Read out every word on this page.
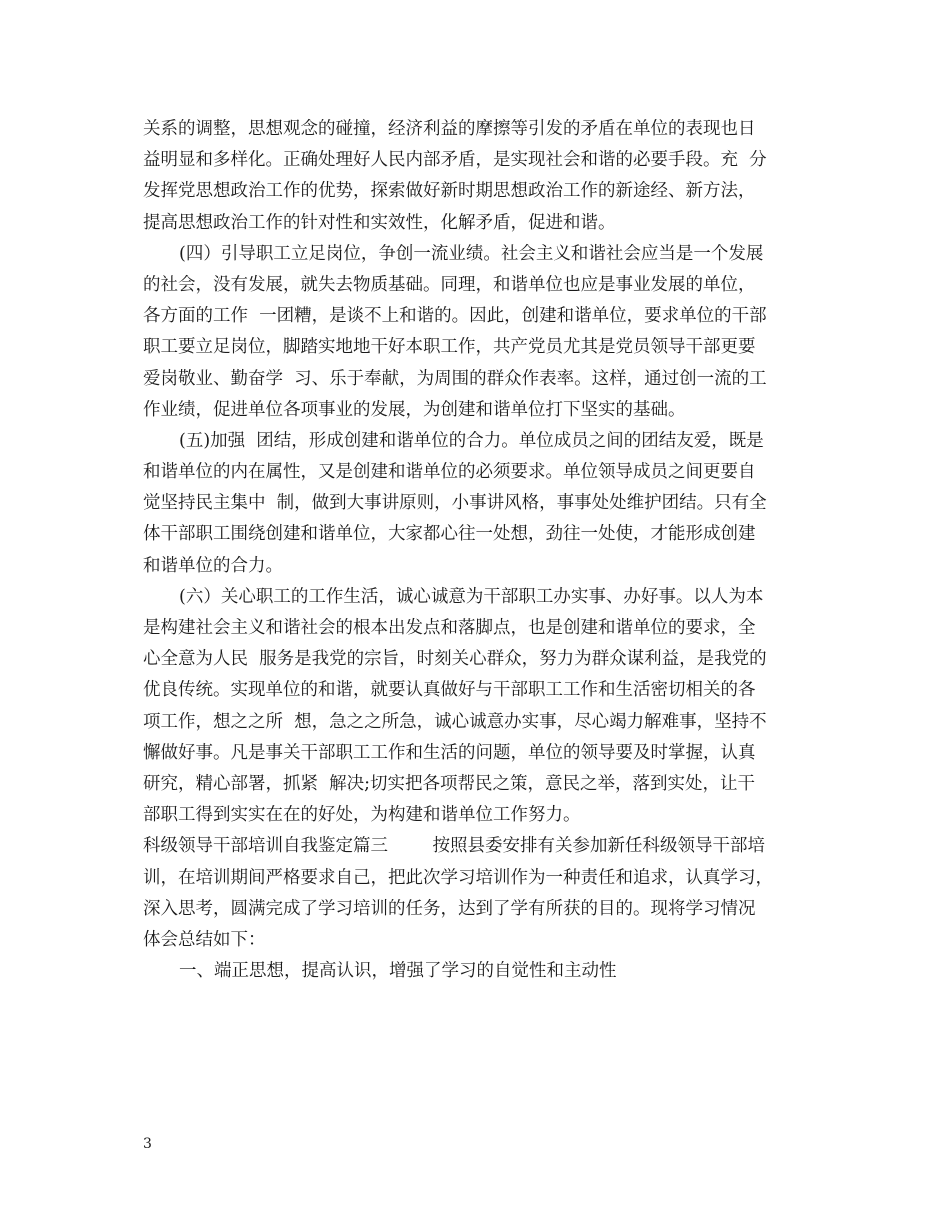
关系的调整，思想观念的碰撞，经济利益的摩擦等引发的矛盾在单位的表现也日
益明显和多样化。正确处理好人民内部矛盾，是实现社会和谐的必要手段。充  分
发挥党思想政治工作的优势，探索做好新时期思想政治工作的新途经、新方法，
提高思想政治工作的针对性和实效性，化解矛盾，促进和谐。
(四）引导职工立足岗位，争创一流业绩。社会主义和谐社会应当是一个发展
的社会，没有发展，就失去物质基础。同理，和谐单位也应是事业发展的单位，
各方面的工作  一团糟，是谈不上和谐的。因此，创建和谐单位，要求单位的干部
职工要立足岗位，脚踏实地地干好本职工作，共产党员尤其是党员领导干部更要
爱岗敬业、勤奋学  习、乐于奉献，为周围的群众作表率。这样，通过创一流的工
作业绩，促进单位各项事业的发展，为创建和谐单位打下坚实的基础。
(五)加强  团结，形成创建和谐单位的合力。单位成员之间的团结友爱，既是
和谐单位的内在属性，又是创建和谐单位的必须要求。单位领导成员之间更要自
觉坚持民主集中  制，做到大事讲原则，小事讲风格，事事处处维护团结。只有全
体干部职工围绕创建和谐单位，大家都心往一处想，劲往一处使，才能形成创建
和谐单位的合力。
(六）关心职工的工作生活，诚心诚意为干部职工办实事、办好事。以人为本
是构建社会主义和谐社会的根本出发点和落脚点，也是创建和谐单位的要求，全
心全意为人民  服务是我党的宗旨，时刻关心群众，努力为群众谋利益，是我党的
优良传统。实现单位的和谐，就要认真做好与干部职工工作和生活密切相关的各
项工作，想之之所  想，急之之所急，诚心诚意办实事，尽心竭力解难事，坚持不
懈做好事。凡是事关干部职工工作和生活的问题，单位的领导要及时掌握，认真
研究，精心部署，抓紧  解决;切实把各项帮民之策，意民之举，落到实处，让干
部职工得到实实在在的好处，为构建和谐单位工作努力。
科级领导干部培训自我鉴定篇三        按照县委安排有关参加新任科级领导干部培
训，在培训期间严格要求自己，把此次学习培训作为一种责任和追求，认真学习，
深入思考，圆满完成了学习培训的任务，达到了学有所获的目的。现将学习情况
体会总结如下：
一、端正思想，提高认识，增强了学习的自觉性和主动性
3
